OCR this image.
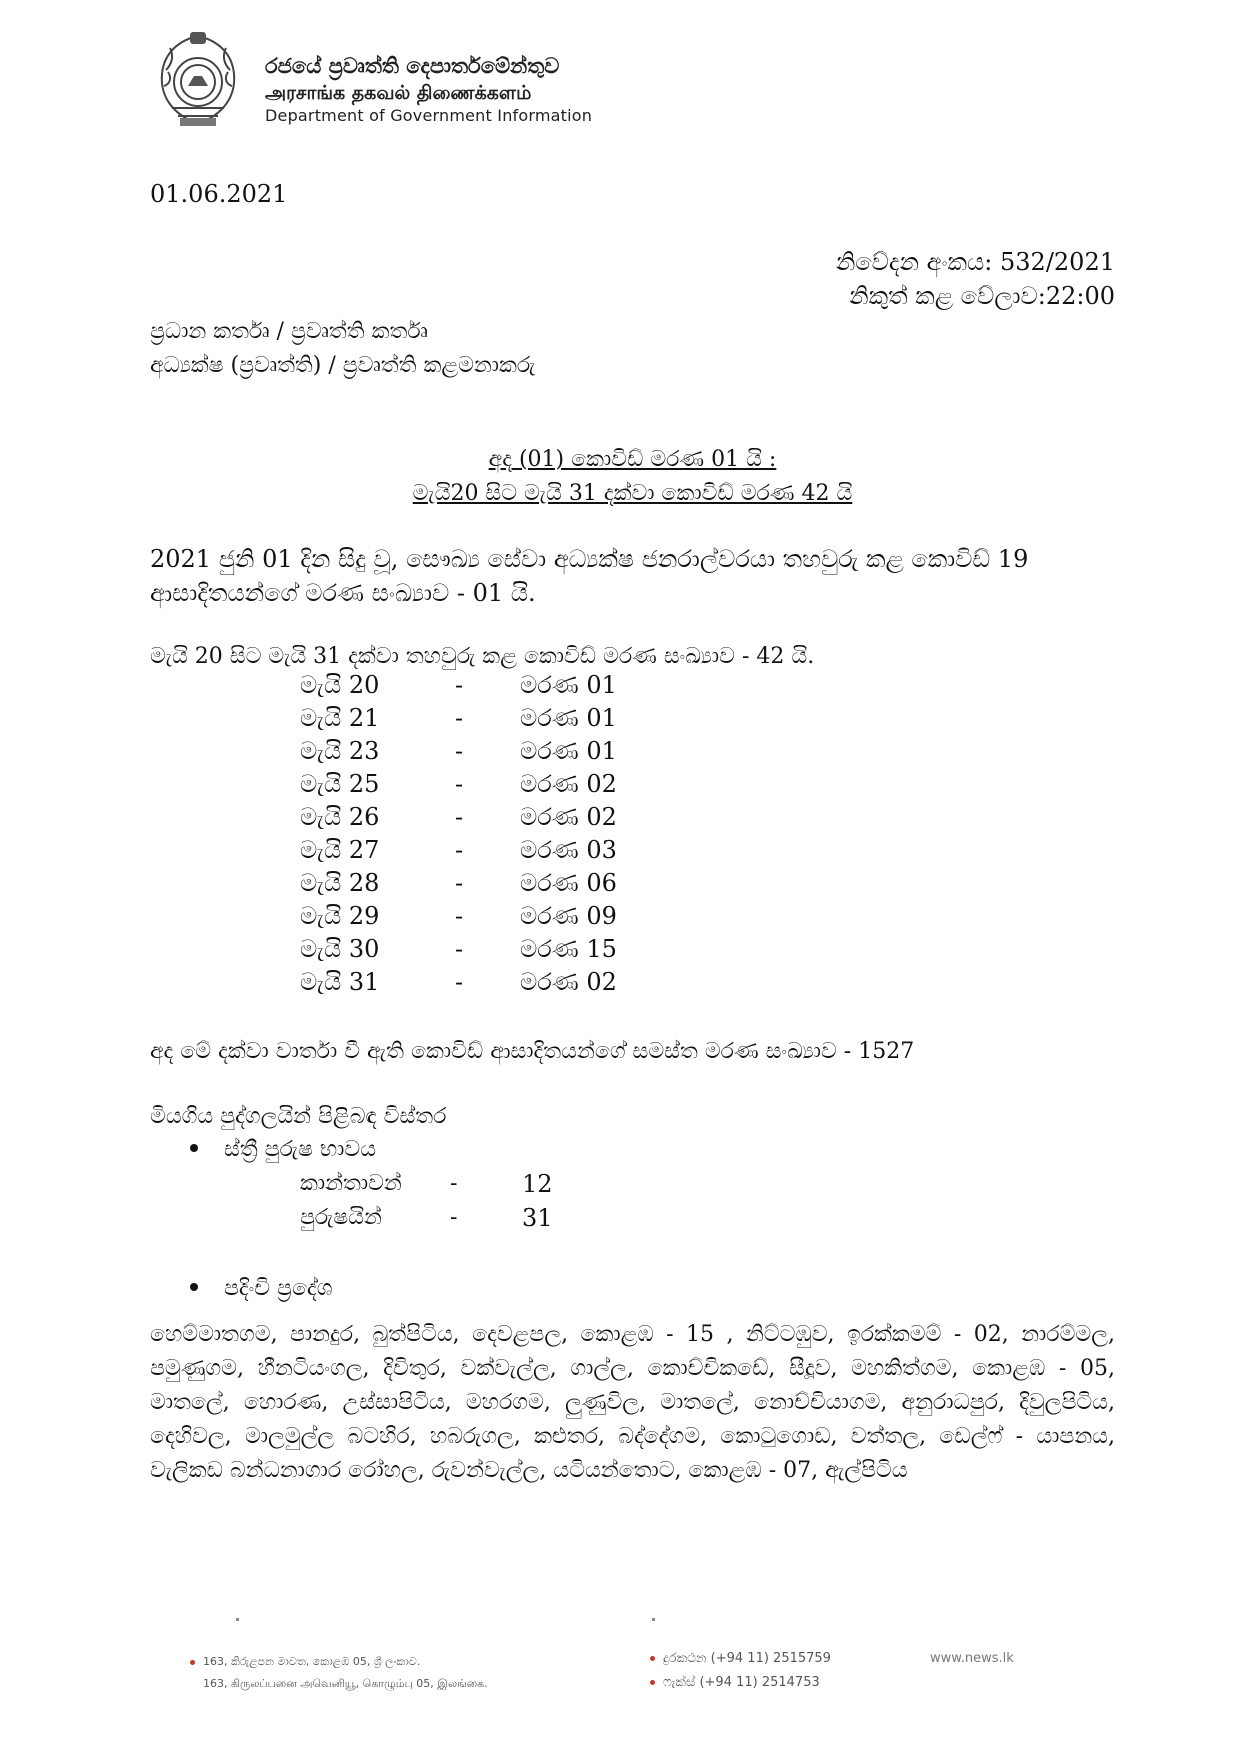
රජයේ ප්‍රවෘත්ති දෙපාර්තමේන්තුව
அரசாங்க தகவல் திணைக்களம்
Department of Government Information
01.06.2021
නිවේදන අංකය: 532/2021
නිකුත් කළ වේලාව:22:00
ප්‍රධාන කර්තෘ / ප්‍රවෘත්ති කර්තෘ
අධ්‍යක්ෂ (ප්‍රවෘත්ති) / ප්‍රවෘත්ති කළමනාකරු
අද (01) කොවිඩ් මරණ 01 යි :
මැයි20 සිට මැයි 31 දක්වා කොවිඩ් මරණ 42 යි
2021 ජුනි 01 දින සිදු වූ, සෞඛ්‍ය සේවා අධ්‍යක්ෂ ජනරාල්වරයා තහවුරු කළ කොවිඩ් 19 ආසාදිතයන්ගේ මරණ සංඛ්‍යාව - 01 යි.
මැයි 20 සිට මැයි 31 දක්වා තහවුරු කළ කොවිඩ් මරණ සංඛ්‍යාව - 42 යි.
මැයි 20	- මරණ 01
මැයි 21	- මරණ 01
මැයි 23	- මරණ 01
මැයි 25	- මරණ 02
මැයි 26	- මරණ 02
මැයි 27	- මරණ 03
මැයි 28	- මරණ 06
මැයි 29	- මරණ 09
මැයි 30	- මරණ 15
මැයි 31	- මරණ 02
අද මේ දක්වා වාර්තා වී ඇති කොවිඩ් ආසාදිතයන්ගේ සමස්ත මරණ සංඛ්‍යාව - 1527
මියගිය පුද්ගලයින් පිළිබඳ විස්තර
ස්ත්‍රී පුරුෂ භාවය
කාන්තාවන් -	12
පුරුෂයින්	-	31
පදිංචි ප්‍රදේශ
හෙම්මාතගම, පානදුර, බුත්පිටිය, දෙවළපල, කොළඹ - 15 , නිට්ටඹුව, ඉරක්කමම් - 02, නාරම්මල, පමුණුගම, හීනටියංගල, දිවිතුර, වක්වැල්ල, ගාල්ල, කොච්චිකඩේ, සීදූව, මහකිත්ගම, කොළඹ - 05, මාතලේ, හොරණ, උස්සාපිටිය, මහරගම, ලුණුවිල, මාතලේ, නොච්චියාගම, අනුරාධපුර, දිවුලපිටිය, දෙහිවල, මාලමුල්ල බටහිර, හබරුගල, කළුතර, බද්දේගම, කොටුගොඩ, වත්තල, ඩෙල්ෆ් - යාපනය, වැලිකඩ බන්ධනාගාර රෝහල, රුවන්වැල්ල, යටියන්තොට, කොළඹ - 07, ඇල්පිටිය
163, කිරුළපන මාවත, කොළඹ 05, ශ්‍රී ලංකාව.
163, கிருலப்பனை அவெனியூ, கொழும்பு 05, இலங்கை.
දුරකථන (+94 11) 2515759
ෆැක්ස් (+94 11) 2514753
www.news.lk
